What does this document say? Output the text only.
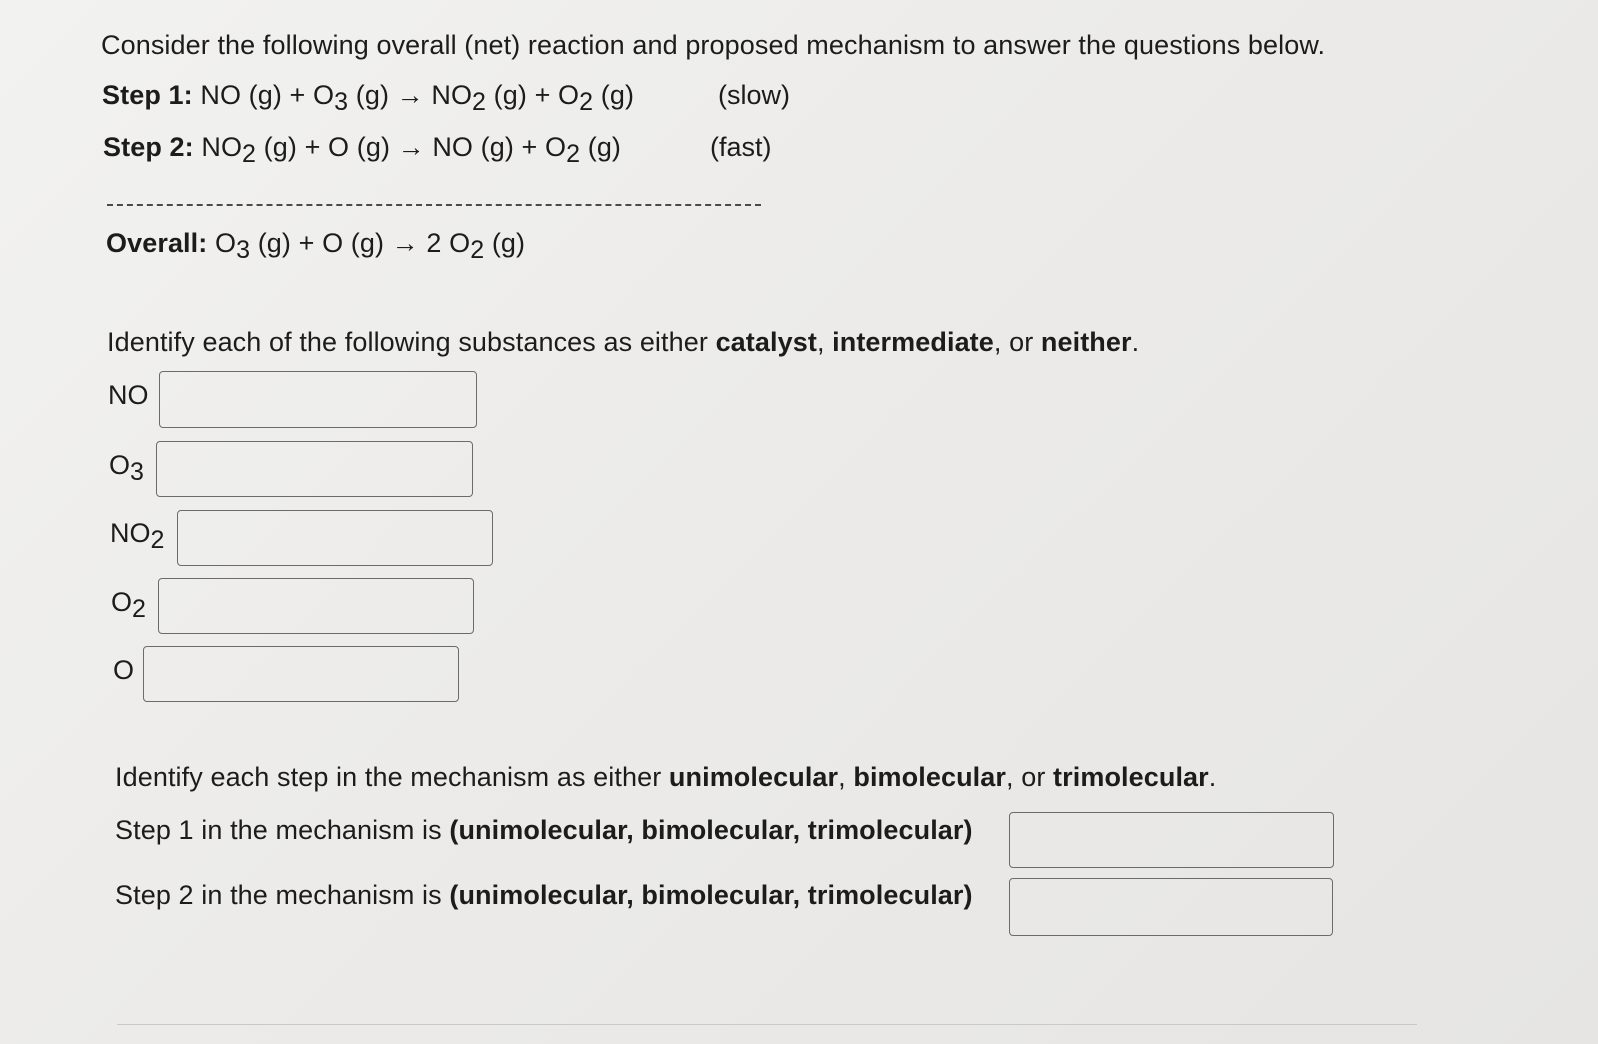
Consider the following overall (net) reaction and proposed mechanism to answer the questions below.
Step 1: NO (g) + O3 (g) → NO2 (g) + O2 (g)	(slow)
Step 2: NO2 (g) + O (g) → NO (g) + O2 (g)	(fast)
Overall: O3 (g) + O (g) → 2 O2 (g)
Identify each of the following substances as either catalyst, intermediate, or neither.
NO
O3
NO2
O2
O
Identify each step in the mechanism as either unimolecular, bimolecular, or trimolecular.
Step 1 in the mechanism is (unimolecular, bimolecular, trimolecular)
Step 2 in the mechanism is (unimolecular, bimolecular, trimolecular)
